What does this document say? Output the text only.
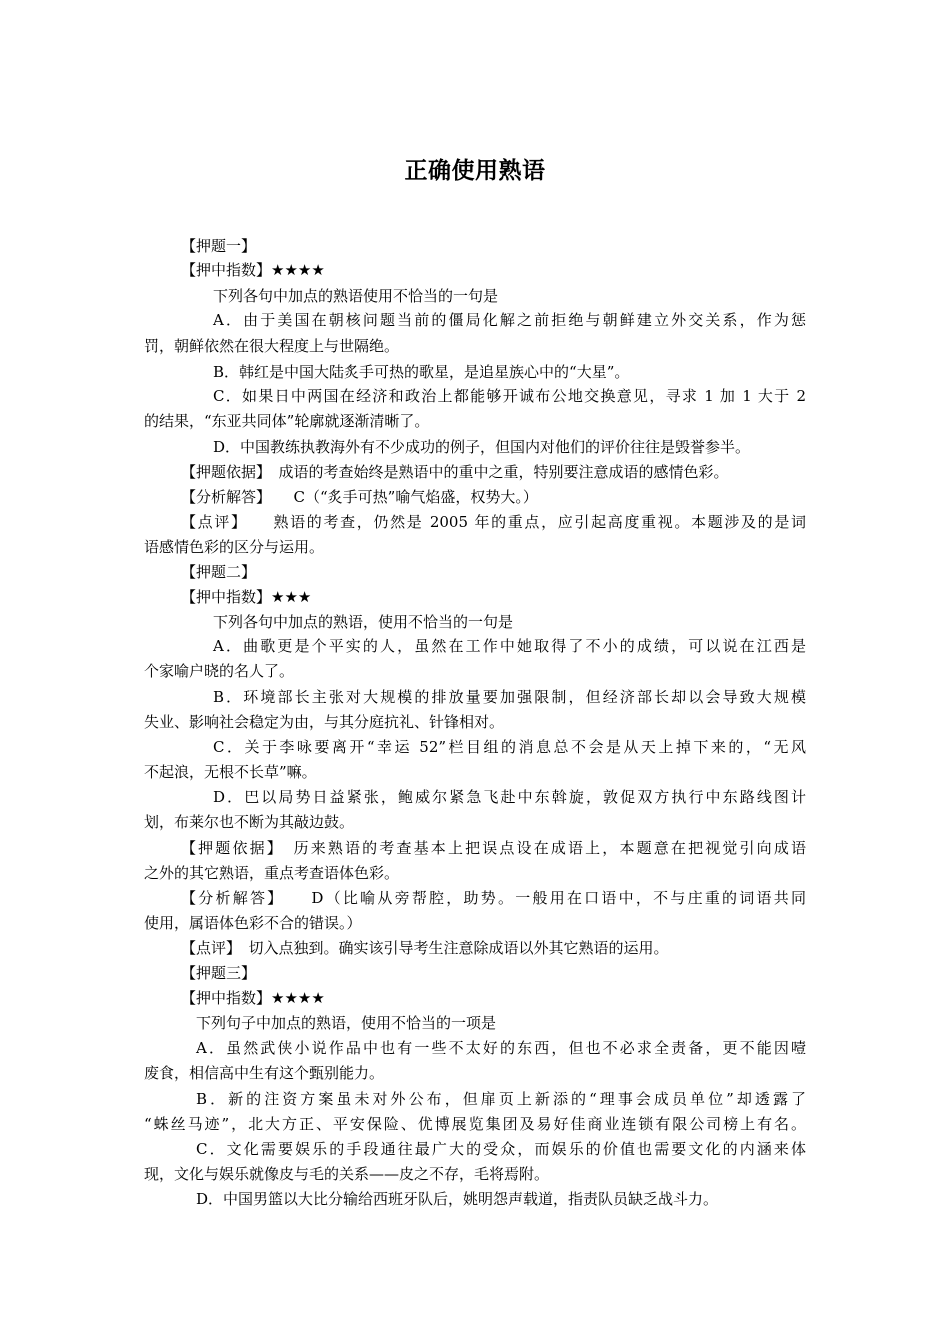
正确使用熟语
【押题一】
【押中指数】★★★★
下列各句中加点的熟语使用不恰当的一句是
A．由于美国在朝核问题当前的僵局化解之前拒绝与朝鲜建立外交关系，作为惩
罚，朝鲜依然在很大程度上与世隔绝。
B．韩红是中国大陆炙手可热的歌星，是追星族心中的“大星”。
C．如果日中两国在经济和政治上都能够开诚布公地交换意见，寻求 1 加 1 大于 2
的结果，“东亚共同体”轮廓就逐渐清晰了。
D．中国教练执教海外有不少成功的例子，但国内对他们的评价往往是毁誉参半。
【押题依据】　成语的考查始终是熟语中的重中之重，特别要注意成语的感情色彩。
【分析解答】　　C（“炙手可热”喻气焰盛，权势大。）
【点评】　　熟语的考查，仍然是 2005 年的重点，应引起高度重视。本题涉及的是词
语感情色彩的区分与运用。
【押题二】
【押中指数】★★★
下列各句中加点的熟语，使用不恰当的一句是
A．曲歌更是个平实的人，虽然在工作中她取得了不小的成绩，可以说在江西是
个家喻户晓的名人了。
B．环境部长主张对大规模的排放量要加强限制，但经济部长却以会导致大规模
失业、影响社会稳定为由，与其分庭抗礼、针锋相对。
C．关于李咏要离开“幸运 52”栏目组的消息总不会是从天上掉下来的，“无风
不起浪，无根不长草”嘛。
D．巴以局势日益紧张，鲍威尔紧急飞赴中东斡旋，敦促双方执行中东路线图计
划，布莱尔也不断为其敲边鼓。
【押题依据】　历来熟语的考查基本上把误点设在成语上，本题意在把视觉引向成语
之外的其它熟语，重点考查语体色彩。
【分析解答】　　D（比喻从旁帮腔，助势。一般用在口语中，不与庄重的词语共同
使用，属语体色彩不合的错误。）
【点评】　切入点独到。确实该引导考生注意除成语以外其它熟语的运用。
【押题三】
【押中指数】★★★★
下列句子中加点的熟语，使用不恰当的一项是
A．虽然武侠小说作品中也有一些不太好的东西，但也不必求全责备，更不能因噎
废食，相信高中生有这个甄别能力。
B．新的注资方案虽未对外公布，但扉页上新添的“理事会成员单位”却透露了
“蛛丝马迹”，北大方正、平安保险、优博展览集团及易好佳商业连锁有限公司榜上有名。
C．文化需要娱乐的手段通往最广大的受众，而娱乐的价值也需要文化的内涵来体
现，文化与娱乐就像皮与毛的关系——皮之不存，毛将焉附。
D．中国男篮以大比分输给西班牙队后，姚明怨声载道，指责队员缺乏战斗力。
